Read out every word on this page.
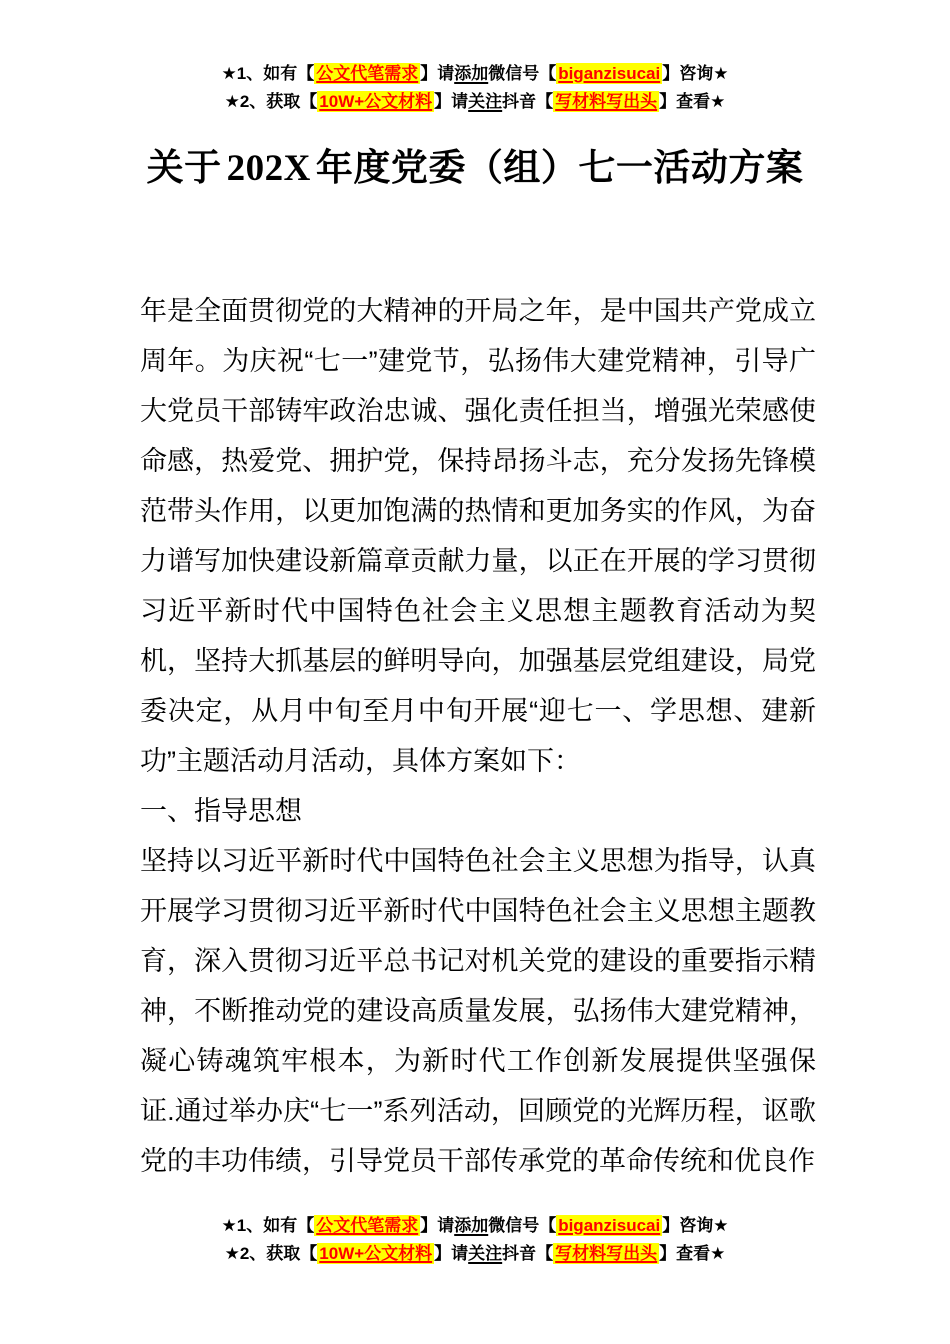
★1、如有【 公文代笔需求 】请添加微信号【 biganzisucai 】咨询★
★2、获取【 10W+公文材料 】请关注抖音【 写材料写出头 】查看★
关于 202X 年度党委（组）七一活动方案

年是全面贯彻党的大精神的开局之年，是中国共产党成立周年。为庆祝“七一”建党节，弘扬伟大建党精神，引导广大党员干部铸牢政治忠诚、强化责任担当，增强光荣感使命感，热爱党、拥护党，保持昂扬斗志，充分发扬先锋模范带头作用，以更加饱满的热情和更加务实的作风，为奋力谱写加快建设新篇章贡献力量，以正在开展的学习贯彻习近平新时代中国特色社会主义思想主题教育活动为契机，坚持大抓基层的鲜明导向，加强基层党组建设，局党委决定，从月中旬至月中旬开展“迎七一、学思想、建新功”主题活动月活动，具体方案如下：

一、指导思想

坚持以习近平新时代中国特色社会主义思想为指导，认真开展学习贯彻习近平新时代中国特色社会主义思想主题教育，深入贯彻习近平总书记对机关党的建设的重要指示精神，不断推动党的建设高质量发展，弘扬伟大建党精神，凝心铸魂筑牢根本，为新时代工作创新发展提供坚强保证.通过举办庆“七一”系列活动，回顾党的光辉历程，讴歌党的丰功伟绩，引导党员干部传承党的革命传统和优良作

★1、如有【 公文代笔需求 】请添加微信号【 biganzisucai 】咨询★
★2、获取【 10W+公文材料 】请关注抖音【 写材料写出头 】查看★
